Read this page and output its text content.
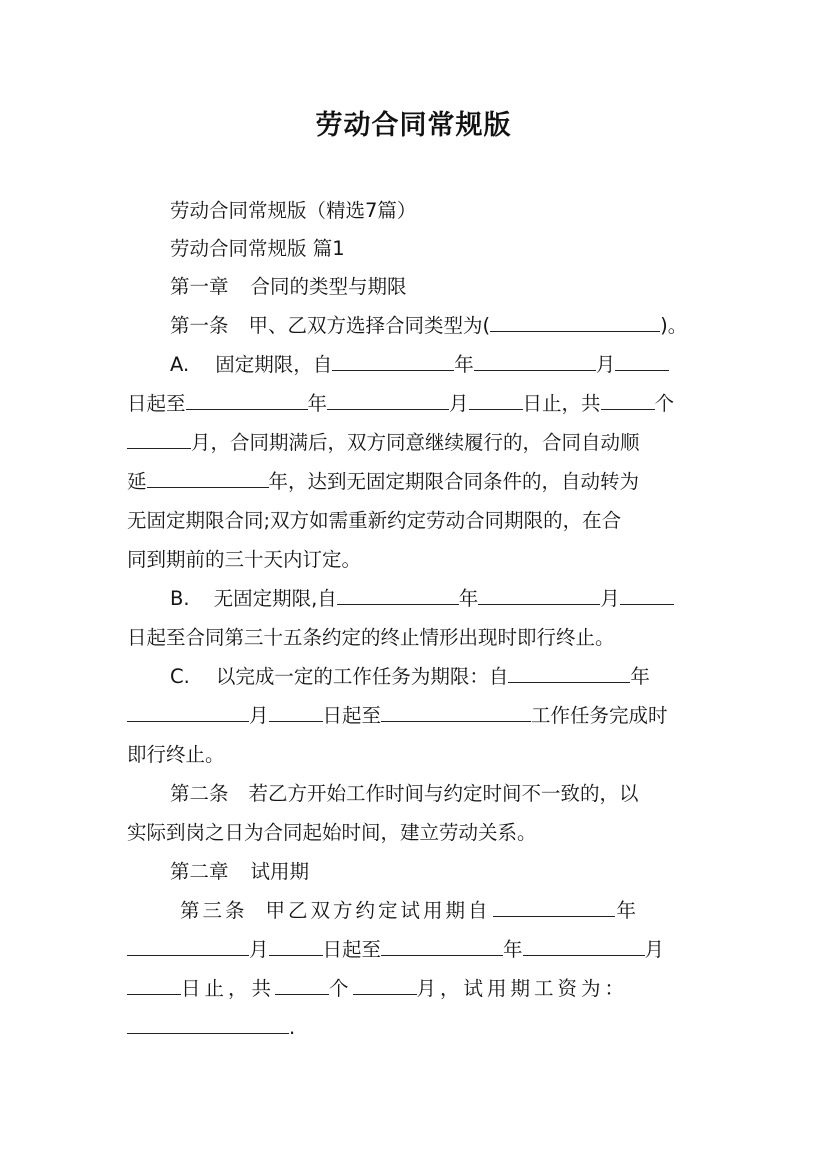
劳动合同常规版
劳动合同常规版（精选7篇）
劳动合同常规版 篇1
第一章 合同的类型与期限
第一条 甲、乙双方选择合同类型为(	)。
A. 固定期限，自	年	月
日起至	年	月	日止，共	个
月，合同期满后，双方同意继续履行的，合同自动顺
延	年，达到无固定期限合同条件的，自动转为
无固定期限合同;双方如需重新约定劳动合同期限的，在合
同到期前的三十天内订定。
B. 无固定期限,自	年	月
日起至合同第三十五条约定的终止情形出现时即行终止。
C. 以完成一定的工作任务为期限：自	年
月	日起至	工作任务完成时
即行终止。
第二条 若乙方开始工作时间与约定时间不一致的，以
实际到岗之日为合同起始时间，建立劳动关系。
第二章 试用期
第三条 甲乙双方约定试用期自	年
月	日起至	年	月
日止，共	个	月，试用期工资为：
.
